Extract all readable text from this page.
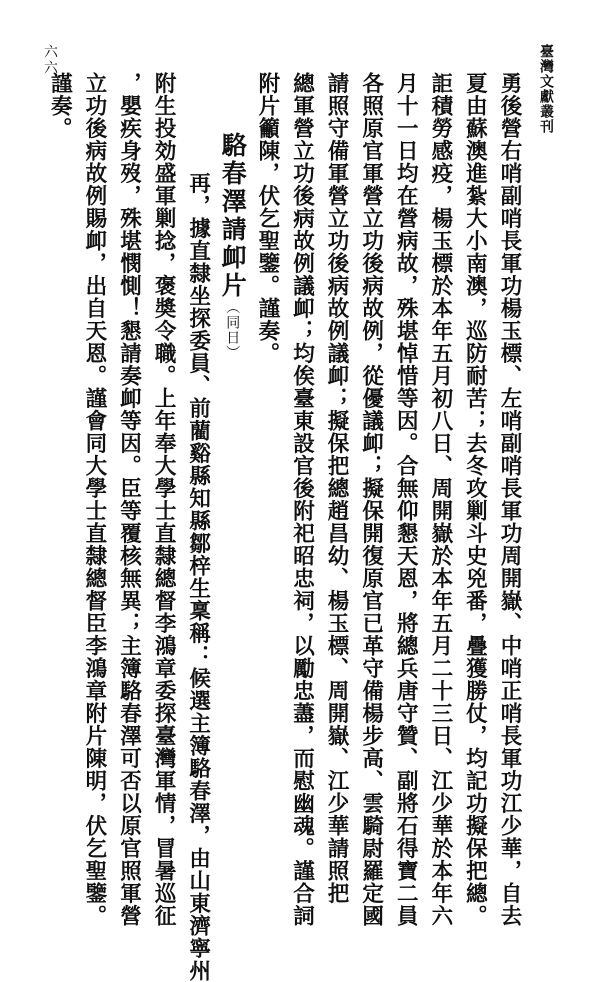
臺灣文獻叢刊
六六
勇後營右哨副哨長軍功楊玉標、左哨副哨長軍功周開嶽、中哨正哨長軍功江少華，自去
夏由蘇澳進紮大小南澳，巡防耐苦；去冬攻剿斗史兇番，疊獲勝仗，均記功擬保把總。
詎積勞感疫，楊玉標於本年五月初八日、周開嶽於本年五月二十三日、江少華於本年六
月十一日均在營病故，殊堪悼惜等因。合無仰懇天恩，將總兵唐守贊、副將石得寶二員
各照原官軍營立功後病故例，從優議卹；擬保開復原官已革守備楊步高、雲騎尉羅定國
請照守備軍營立功後病故例議卹；擬保把總趙昌幼、楊玉標、周開嶽、江少華請照把
總軍營立功後病故例議卹；均俟臺東設官後附祀昭忠祠，以勵忠藎，而慰幽魂。謹合詞
附片籲陳，伏乞聖鑒。謹奏。
駱春澤請卹片（同日）
再，據直隸坐探委員、前藺谿縣知縣鄒梓生稟稱：候選主簿駱春澤，由山東濟寧州
附生投効盛軍剿捻，褒奬令職。上年奉大學士直隸總督李鴻章委探臺灣軍情，冒暑巡征
，嬰疾身歿，殊堪憫惻！懇請奏卹等因。臣等覆核無異；主簿駱春澤可否以原官照軍營
立功後病故例賜卹，出自天恩。謹會同大學士直隸總督臣李鴻章附片陳明，伏乞聖鑒。
謹奏。
